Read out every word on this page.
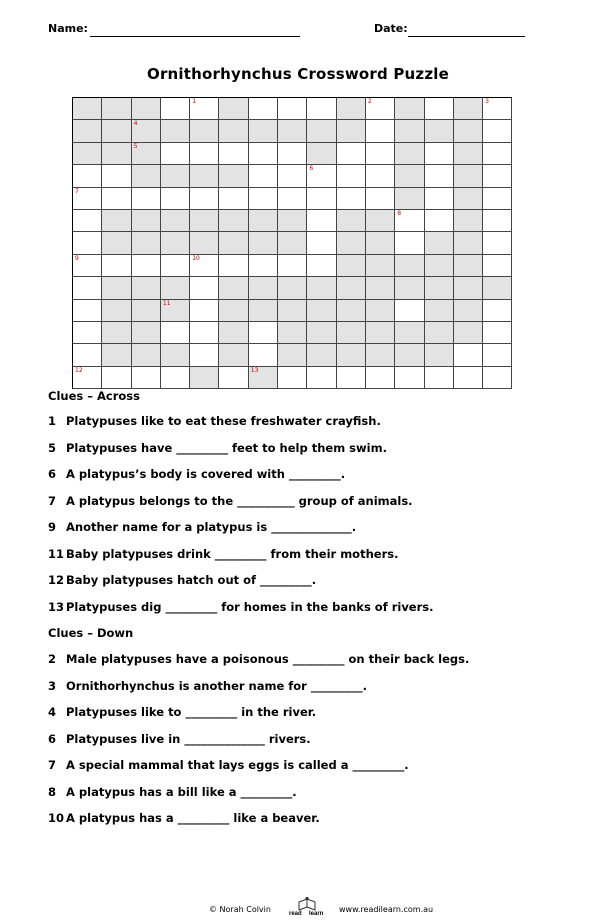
Name:	Date:
Ornithorhynchus Crossword Puzzle
1	2	3
4
5
6
7
8
9	10
11
12	13
Clues – Across
1 Platypuses like to eat these freshwater crayfish.
5 Platypuses have _________ feet to help them swim.
6 A platypus’s body is covered with _________.
7 A platypus belongs to the __________ group of animals.
9 Another name for a platypus is ______________.
11 Baby platypuses drink _________ from their mothers.
12 Baby platypuses hatch out of _________.
13 Platypuses dig _________ for homes in the banks of rivers.
Clues – Down
2 Male platypuses have a poisonous _________ on their back legs.
3 Ornithorhynchus is another name for _________.
4 Platypuses like to _________ in the river.
6 Platypuses live in ______________ rivers.
7 A special mammal that lays eggs is called a _________.
8 A platypus has a bill like a _________.
10 A platypus has a _________ like a beaver.
© Norah Colvin	read learn www.readilearn.com.au
